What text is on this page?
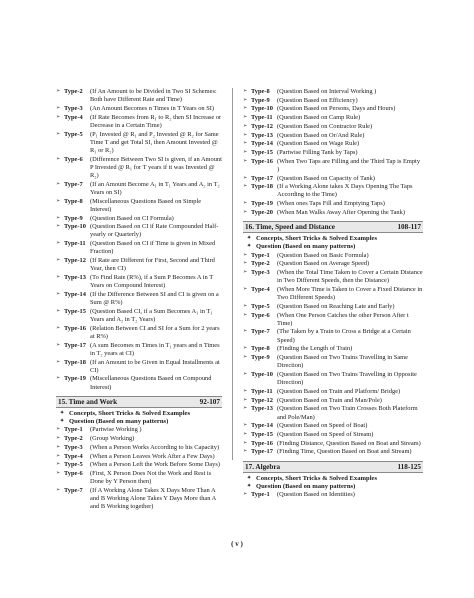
➢ Type-2	(If An Amount to be Divided in Two SI Schemes: Both have Different Rate and Time)
➢ Type-3	(An Amount Becomes n Times in T Years on SI)
➢ Type-4	(If Rate Becomes from R₁ to R₂ then SI Increase or Decrease in a Certain Time)
➢ Type-5	(P₁ Invested @ R₁ and P₂ Invested @ R₂ for Same Time T and get Total SI, then Amount Invested @ R₁ or R₂)
➢ Type-6	(Difference Between Two SI is given, if an Amount P Invested @ R₁ for T years if it was Invested @ R₂)
➢ Type-7	(If an Amount Become A₁ in T₁ Years and A₂ in T₂ Years on SI)
➢ Type-8	(Miscellaneous Questions Based on Simple Interest)
➢ Type-9	(Question Based on CI Formula)
➢ Type-10 (Question Based on CI if Rate Compounded Half-yearly or Quarterly)
➢ Type-11 (Question Based on CI if Time is given in Mixed Fraction)
➢ Type-12 (If Rate are Different for First, Second and Third Year, then CI)
➢ Type-13 (To Find Rate (R%), if a Sum P Becomes A in T Years on Compound Interest)
➢ Type-14 (If the Difference Between SI and CI is given on a Sum @ R%)
➢ Type-15 (Question Based CI, if a Sum Becomes A₁ in T₁ Years and A₂ in T₂ Years)
➢ Type-16 (Relation Between CI and SI for a Sum for 2 years at R%)
➢ Type-17 (A sum Becomes m Times in T₁ years and n Times in T₂ years at CI)
➢ Type-18 (If an Amount to be Given in Equal Installments at CI)
➢ Type-19 (Miscellaneous Questions Based on Compound Interest)
15. Time and Work	92-107
✦ Concepts, Short Tricks & Solved Examples
✦ Question (Based on many patterns)
➢ Type-1	(Partwise Working )
➢ Type-2	(Group Working)
➢ Type-3	(When a Person Works According to his Capacity)
➢ Type-4	(When a Person Leaves Work After a Few Days)
➢ Type-5	(When a Person Left the Work Before Some Days)
➢ Type-6	(First, X Person Does Not the Work and Rest is Done by Y Person then)
➢ Type-7	(If A Working Alone Takes X Days More Than A and B Working Alone Takes Y Days More than A and B Working together)
➢ Type-8	(Question Based on Interval Working )
➢ Type-9	(Question Based on Efficiency)
➢ Type-10 (Question Based on Persons, Days and Hours)
➢ Type-11 (Question Based on Camp Rule)
➢ Type-12 (Question Based on Contractor Rule)
➢ Type-13 (Question Based on Or/And Rule)
➢ Type-14 (Question Based on Wage Rule)
➢ Type-15 (Partwise Filling Tank by Taps)
➢ Type-16 (When Two Taps are Filling and the Third Tap is Empty )
➢ Type-17 (Question Based on Capacity of Tank)
➢ Type-18 (If a Working Alone takes X Days Opening The Taps According to the Time)
➢ Type-19 (When ones Taps Fill and Emptying Taps)
➢ Type-20 (When Man Walks Away After Opening the Tank)
16. Time, Speed and Distance	108-117
✦ Concepts, Short Tricks & Solved Examples
✦ Question (Based on many patterns)
➢ Type-1	(Question Based on Basic Formula)
➢ Type-2	(Question Based on Average Speed)
➢ Type-3	(When the Total Time Taken to Cover a Certain Distance in Two Different Speeds, then the Distance)
➢ Type-4	(When More Time is Taken to Cover a Fixed Distance in Two Different Speeds)
➢ Type-5	(Question Based on Reaching Late and Early)
➢ Type-6	(When One Person Catches the other Person After t Time)
➢ Type-7	(The Taken by a Train to Cross a Bridge at a Certain Speed)
➢ Type-8	(Finding the Length of Train)
➢ Type-9	(Question Based on Two Trains Travelling in Same Direction)
➢ Type-10 (Question Based on Two Trains Travelling in Opposite Direction)
➢ Type-11 (Question Based on Train and Platform/ Bridge)
➢ Type-12 (Question Based on Train and Man/Pole)
➢ Type-13 (Question Based on Two Train Crosses Both Plateform and Pole/Man)
➢ Type-14 (Question Based on Speed of Boat)
➢ Type-15 (Question Based on Speed of Stream)
➢ Type-16 (Finding Distance, Question Based on Boat and Stream)
➢ Type-17 (Finding Time, Question Based on Boat and Stream)
17. Algebra	118-125
✦ Concepts, Short Tricks & Solved Examples
✦ Question (Based on many patterns)
➢ Type-1	(Question Based on Identities)
( v )
